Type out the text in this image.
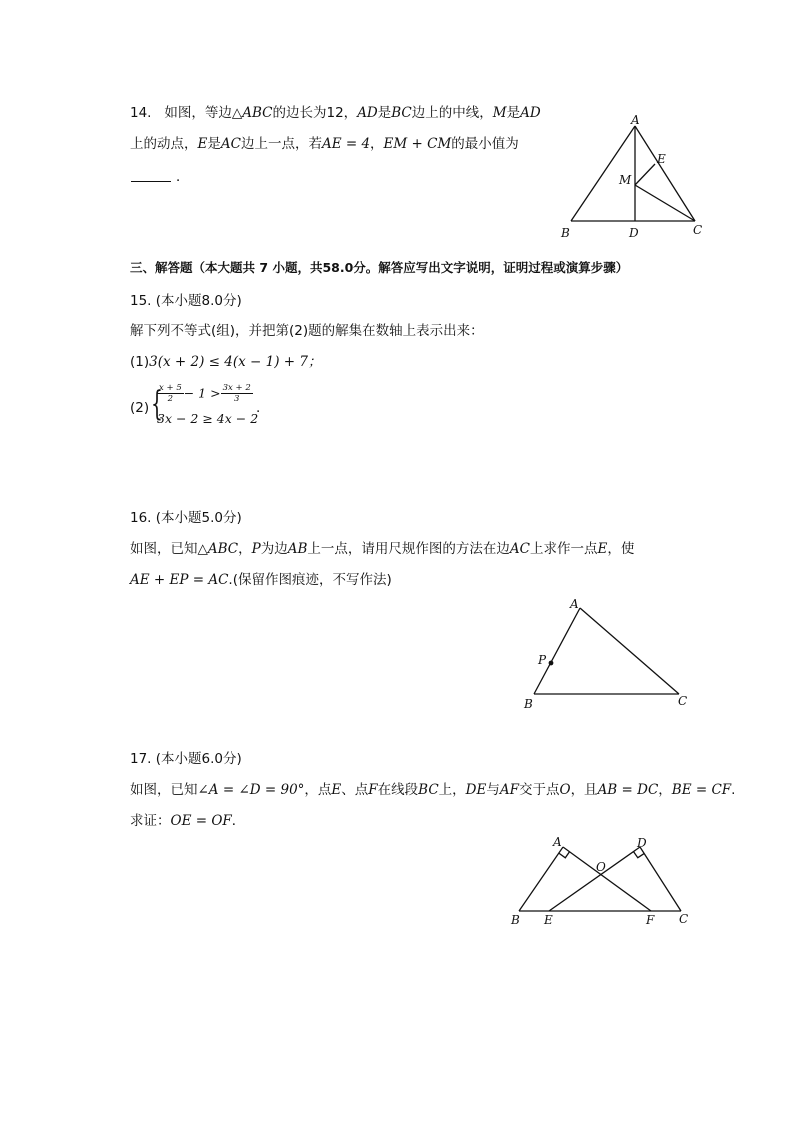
14. 如图，等边△ABC的边长为12，AD是BC边上的中线，M是AD
上的动点，E是AC边上一点，若AE = 4，EM + CM的最小值为
．
A
E
M
B	D	C
三、解答题（本大题共 7 小题，共58.0分。解答应写出文字说明，证明过程或演算步骤）
15. (本小题8.0分)
解下列不等式(组)，并把第(2)题的解集在数轴上表示出来：
(1)3(x + 2) ≤ 4(x − 1) + 7；
(2) {
$\frac{x + 5}{2} - 1 > \frac{3x + 2}{3}$
3x − 2 ≥ 4x − 2
.
16. (本小题5.0分)
如图，已知△ABC，P为边AB上一点，请用尺规作图的方法在边AC上求作一点E，使
AE + EP = AC.(保留作图痕迹，不写作法)
A
P
B	C
17. (本小题6.0分)
如图，已知∠A = ∠D = 90°，点E、点F在线段BC上，DE与AF交于点O，且AB = DC，BE = CF.
求证：OE = OF．
A	D
O
B E	F C
